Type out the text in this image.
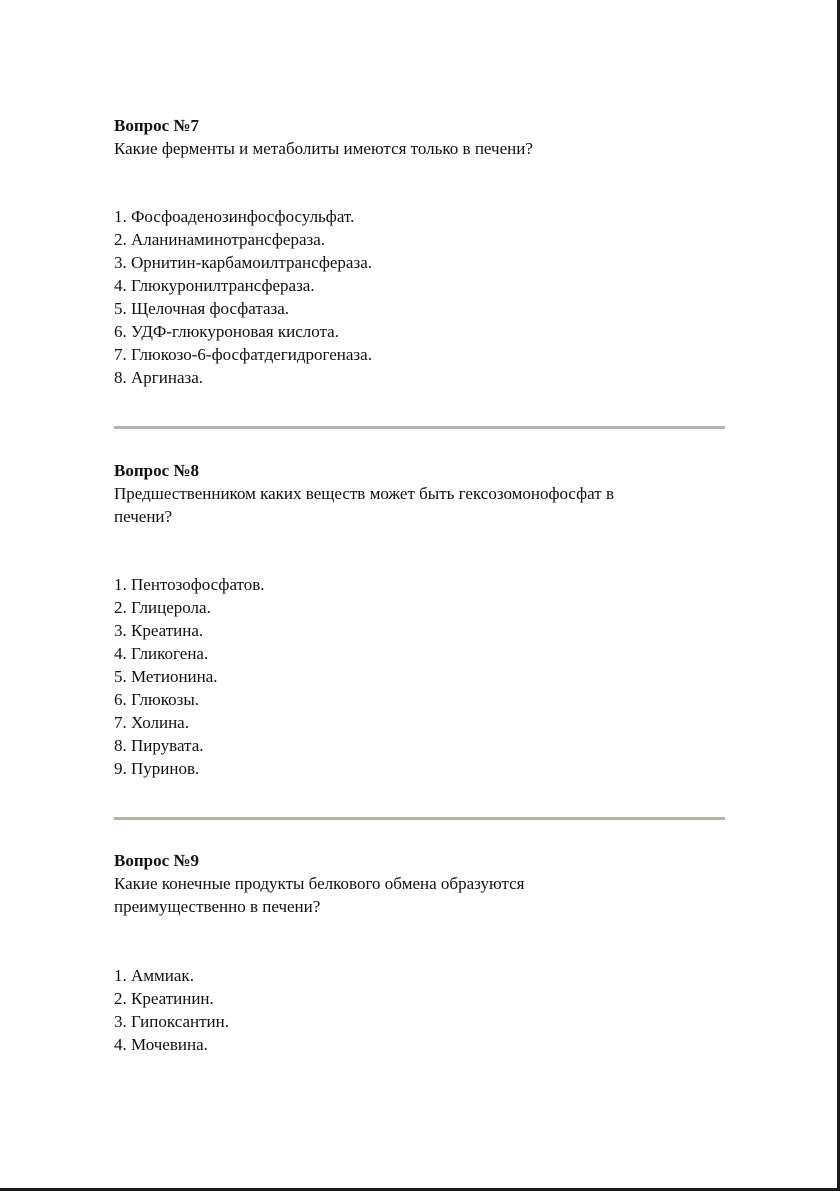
Вопрос №7
Какие ферменты и метаболиты имеются только в печени?
1. Фосфоаденозинфосфосульфат.
2. Аланинаминотрансфераза.
3. Орнитин-карбамоилтрансфераза.
4. Глюкуронилтрансфераза.
5. Щелочная фосфатаза.
6. УДФ-глюкуроновая кислота.
7. Глюкозо-6-фосфатдегидрогеназа.
8. Аргиназа.
Вопрос №8
Предшественником каких веществ может быть гексозомонофосфат в
печени?
1. Пентозофосфатов.
2. Глицерола.
3. Креатина.
4. Гликогена.
5. Метионина.
6. Глюкозы.
7. Холина.
8. Пирувата.
9. Пуринов.
Вопрос №9
Какие конечные продукты белкового обмена образуются
преимущественно в печени?
1. Аммиак.
2. Креатинин.
3. Гипоксантин.
4. Мочевина.
